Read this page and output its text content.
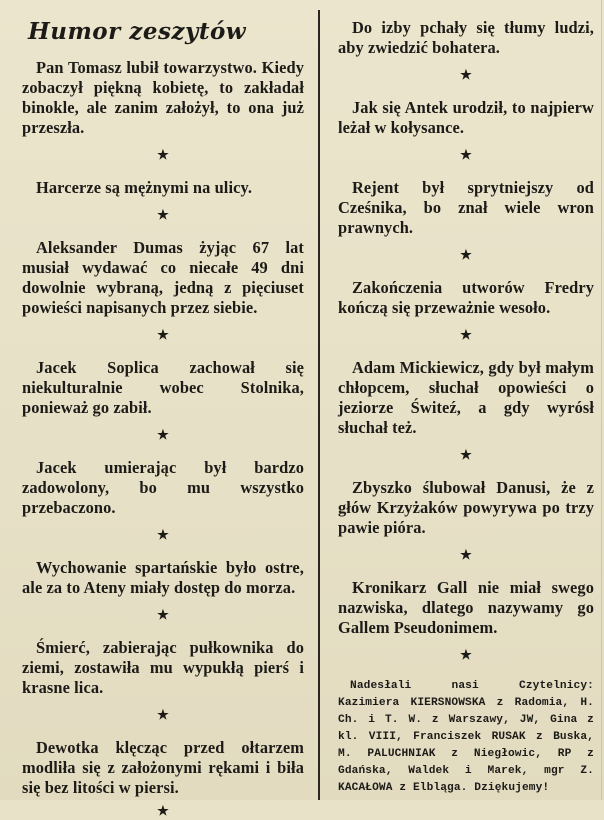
Humor zeszytów

Pan Tomasz lubił towarzystwo. Kiedy zobaczył piękną kobietę, to zakładał binokle, ale zanim założył, to ona już przeszła.

★

Harcerze są mężnymi na ulicy.

★

Aleksander Dumas żyjąc 67 lat musiał wydawać co niecałe 49 dni dowolnie wybraną, jedną z pięciuset powieści napisanych przez siebie.

★

Jacek Soplica zachował się niekulturalnie wobec Stolnika, ponieważ go zabił.

★

Jacek umierając był bardzo zadowolony, bo mu wszystko przebaczono.

★

Wychowanie spartańskie było ostre, ale za to Ateny miały dostęp do morza.

★

Śmierć, zabierając pułkownika do ziemi, zostawiła mu wypukłą pierś i krasne lica.

★

Dewotka klęcząc przed ołtarzem modliła się z założonymi rękami i biła się bez litości w piersi.

★

Do izby pchały się tłumy ludzi, aby zwiedzić bohatera.

★

Jak się Antek urodził, to najpierw leżał w kołysance.

★

Rejent był sprytniejszy od Cześnika, bo znał wiele wron prawnych.

★

Zakończenia utworów Fredry kończą się przeważnie wesoło.

★

Adam Mickiewicz, gdy był małym chłopcem, słuchał opowieści o jeziorze Świteź, a gdy wyrósł słuchał też.

★

Zbyszko ślubował Danusi, że z głów Krzyżaków powyrywa po trzy pawie pióra.

★

Kronikarz Gall nie miał swego nazwiska, dlatego nazywamy go Gallem Pseudonimem.

★

Nadesłali nasi Czytelnicy: Kazimiera KIERSNOWSKA z Radomia, H. Ch. i T. W. z Warszawy, JW, Gina z kl. VIII, Franciszek RUSAK z Buska, M. PALUCHNIAK z Niegłowic, RP z Gdańska, Waldek i Marek, mgr Z. KACAŁOWA z Elbląga. Dziękujemy!
